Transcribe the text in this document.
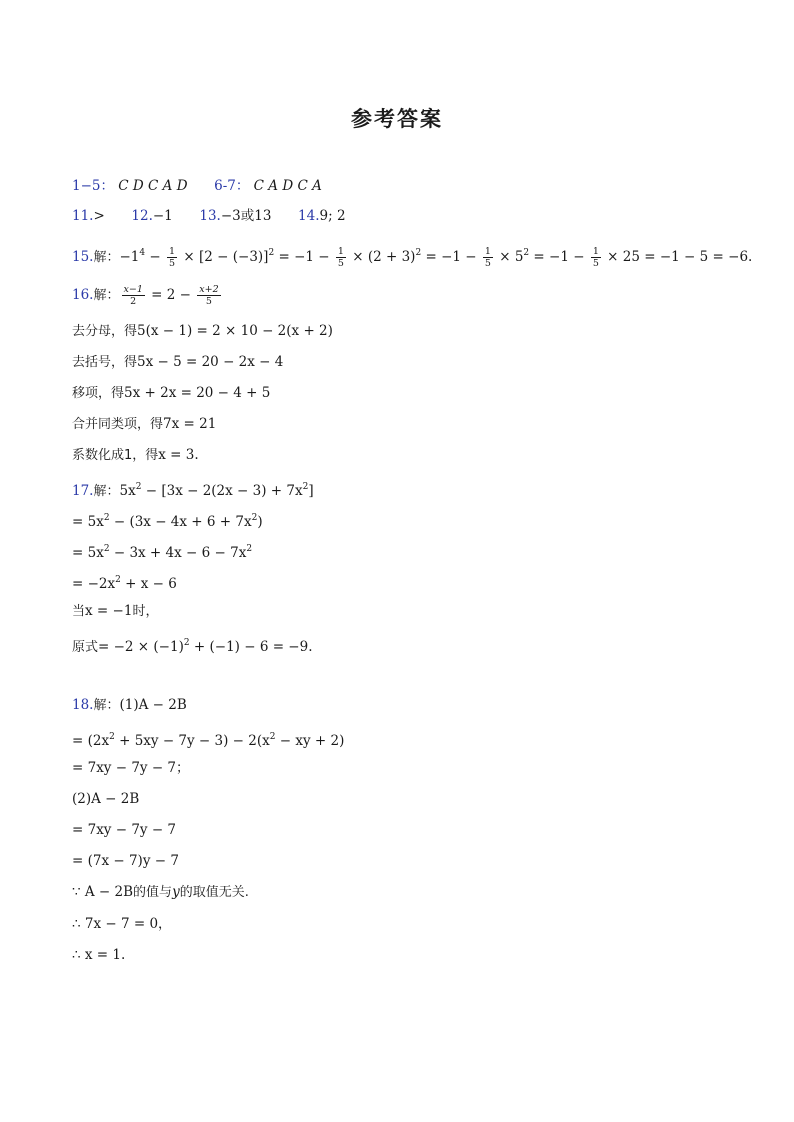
参考答案
1−5： C D C A D 6-7： C A D C A
11.> 12.−1 13.−3或13 14.9; 2
15.解：$-1^4 - \frac{1}{5} \times [2 - (-3)]^2 = -1 - \frac{1}{5} \times (2 + 3)^2 = -1 - \frac{1}{5} \times 5^2 = -1 - \frac{1}{5} \times 25 = -1 - 5 = -6$.
16.解： $\frac{x-1}{2} = 2 - \frac{x+2}{5}$
去分母，得5(x − 1) = 2 × 10 − 2(x + 2)
去括号，得5x − 5 = 20 − 2x − 4
移项，得5x + 2x = 20 − 4 + 5
合并同类项，得7x = 21
系数化成1，得x = 3.
17.解：$5x^2 - [3x - 2(2x - 3) + 7x^2]$
= $5x^2 - (3x - 4x + 6 + 7x^2)$
= $5x^2 - 3x + 4x - 6 - 7x^2$
= $-2x^2 + x - 6$
当x = −1时，
原式= $-2 \times (-1)^2 + (-1) - 6 = -9$.
18.解：(1)A − 2B
= $(2x^2 + 5xy - 7y - 3) - 2(x^2$ − xy + 2)
= 7xy − 7y − 7；
(2)A − 2B
= 7xy − 7y − 7
= (7x − 7)y − 7
∵ A − 2B的值与y的取值无关.
∴ 7x − 7 = 0，
∴ x = 1.
